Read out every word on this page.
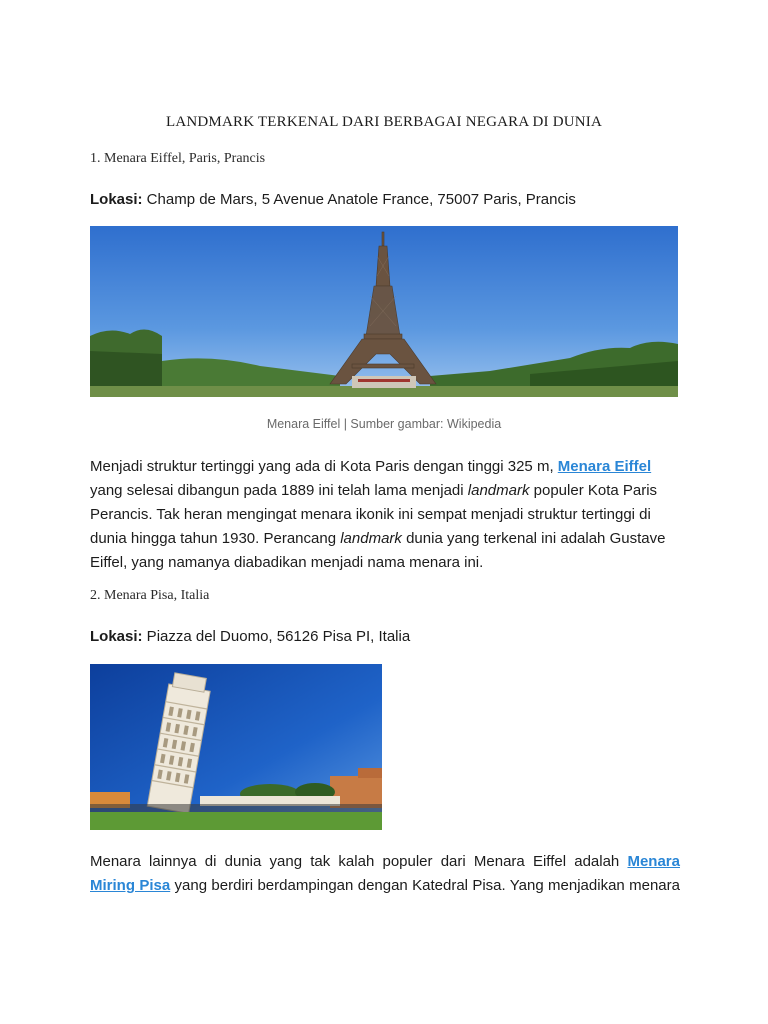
LANDMARK TERKENAL DARI BERBAGAI NEGARA DI DUNIA
1. Menara Eiffel, Paris, Prancis
Lokasi: Champ de Mars, 5 Avenue Anatole France, 75007 Paris, Prancis
Menara Eiffel | Sumber gambar: Wikipedia
Menjadi struktur tertinggi yang ada di Kota Paris dengan tinggi 325 m, Menara Eiffel
yang selesai dibangun pada 1889 ini telah lama menjadi landmark populer Kota Paris
Perancis. Tak heran mengingat menara ikonik ini sempat menjadi struktur tertinggi di
dunia hingga tahun 1930. Perancang landmark dunia yang terkenal ini adalah Gustave
Eiffel, yang namanya diabadikan menjadi nama menara ini.
2. Menara Pisa, Italia
Lokasi: Piazza del Duomo, 56126 Pisa PI, Italia
Menara lainnya di dunia yang tak kalah populer dari Menara Eiffel adalah Menara
Miring Pisa yang berdiri berdampingan dengan Katedral Pisa. Yang menjadikan menara
